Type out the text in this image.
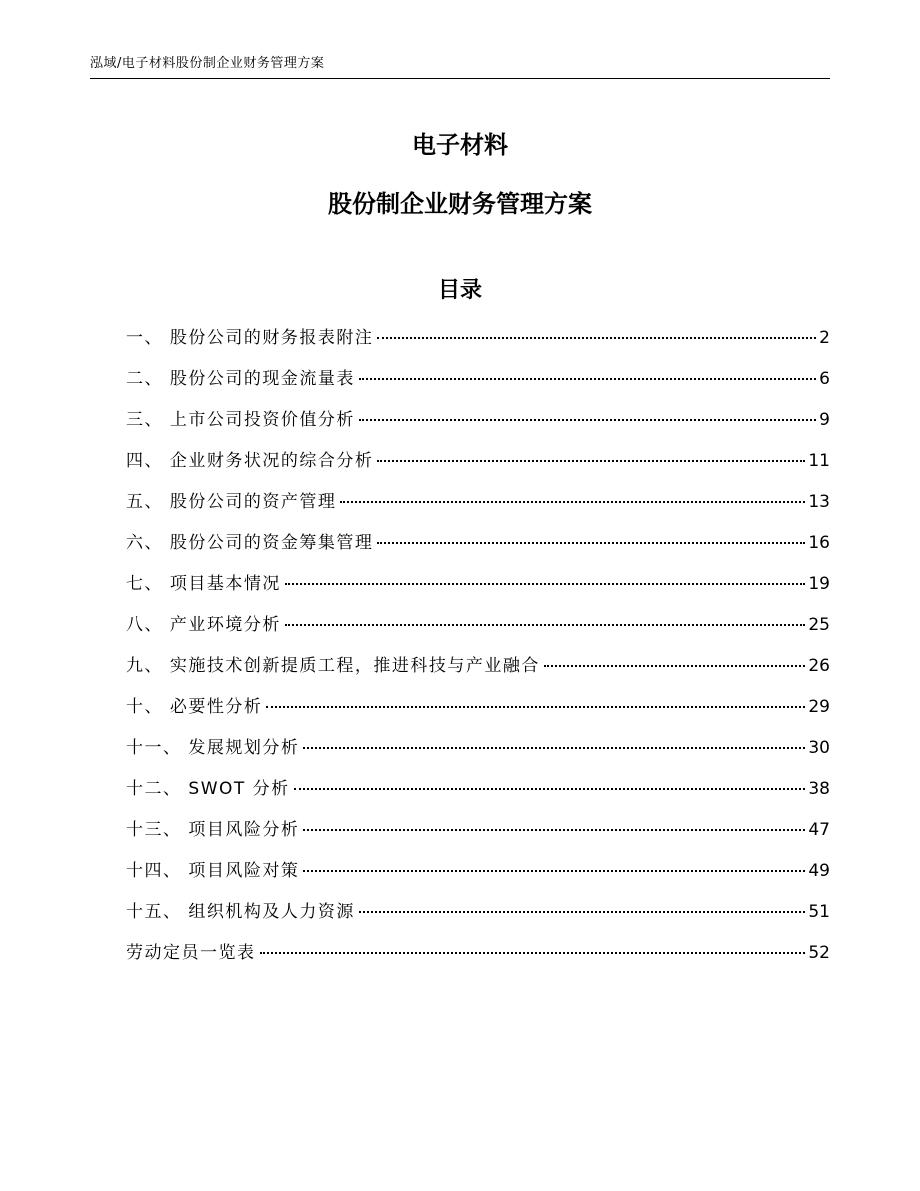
泓域/电子材料股份制企业财务管理方案
电子材料
股份制企业财务管理方案
目录
一、 股份公司的财务报表附注	2
二、 股份公司的现金流量表	6
三、 上市公司投资价值分析	9
四、 企业财务状况的综合分析	11
五、 股份公司的资产管理	13
六、 股份公司的资金筹集管理	16
七、 项目基本情况	19
八、 产业环境分析	25
九、 实施技术创新提质工程，推进科技与产业融合	26
十、 必要性分析	29
十一、 发展规划分析	30
十二、 SWOT 分析	38
十三、 项目风险分析	47
十四、 项目风险对策	49
十五、 组织机构及人力资源	51
劳动定员一览表	52
